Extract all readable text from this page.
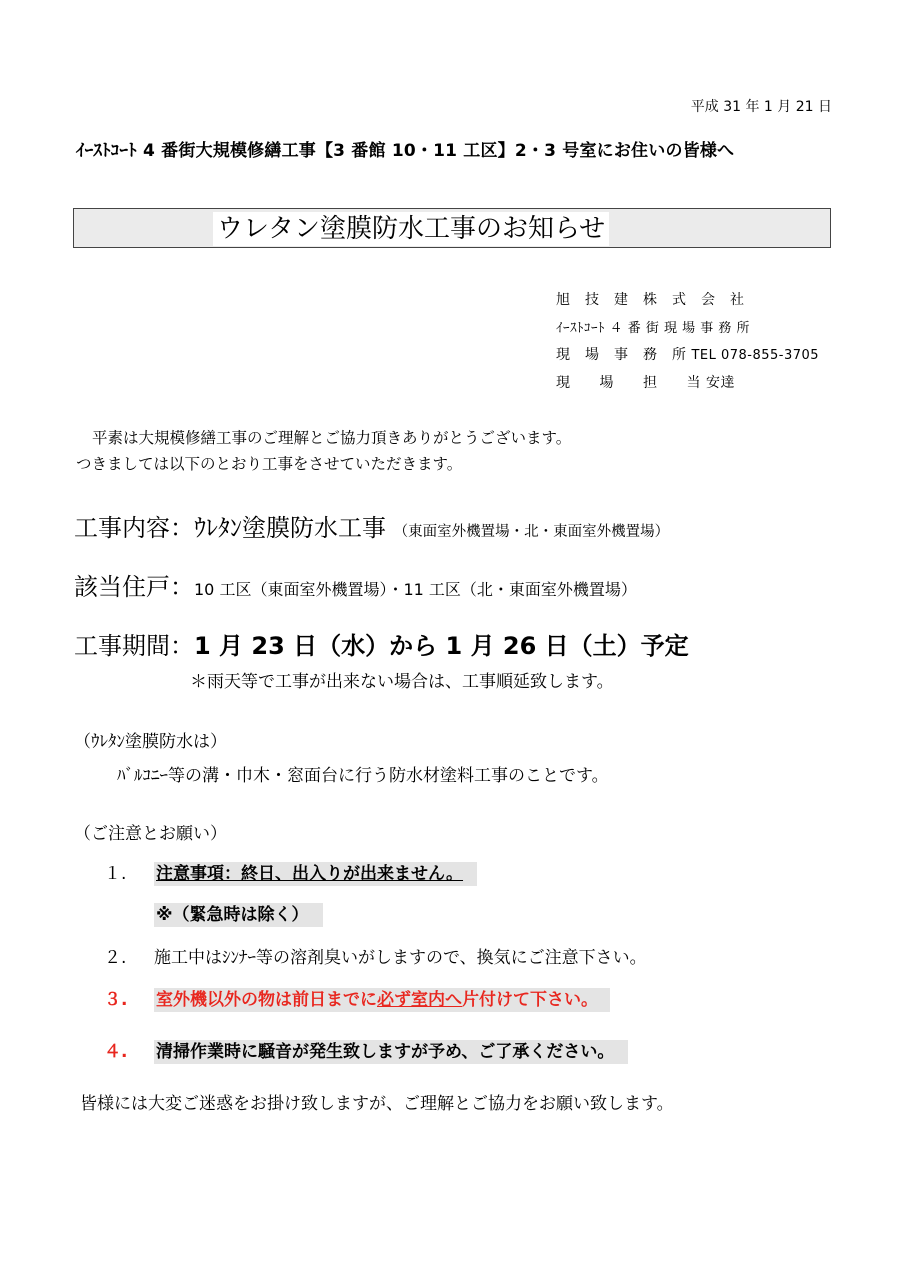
平成 31 年 1 月 21 日
ｲｰｽﾄｺｰﾄ 4 番街大規模修繕工事【3 番館 10・11 工区】2・3 号室にお住いの皆様へ
ウレタン塗膜防水工事のお知らせ
旭　技　建　株　式　会　社
ｲｰｽﾄｺｰﾄ ４ 番 街 現 場 事 務 所
現　場　事　務　所 TEL 078-855-3705
現　　場　　担　　当 安達
平素は大規模修繕工事のご理解とご協力頂きありがとうございます。
つきましては以下のとおり工事をさせていただきます。
工事内容：ｳﾚﾀﾝ塗膜防水工事 （東面室外機置場・北・東面室外機置場）
該当住戸：10 工区（東面室外機置場）・11 工区（北・東面室外機置場）
工事期間：1 月 23 日（水）から 1 月 26 日（土）予定
＊雨天等で工事が出来ない場合は、工事順延致します。
（ｳﾚﾀﾝ塗膜防水は）
ﾊﾞﾙｺﾆｰ等の溝・巾木・窓面台に行う防水材塗料工事のことです。
（ご注意とお願い）
１. 注意事項：終日、出入りが出来ません。
※（緊急時は除く）
２. 施工中はｼﾝﾅｰ等の溶剤臭いがしますので、換気にご注意下さい。
３. 室外機以外の物は前日までに必ず室内へ片付けて下さい。
４. 清掃作業時に騒音が発生致しますが予め、ご了承ください。
皆様には大変ご迷惑をお掛け致しますが、ご理解とご協力をお願い致します。
